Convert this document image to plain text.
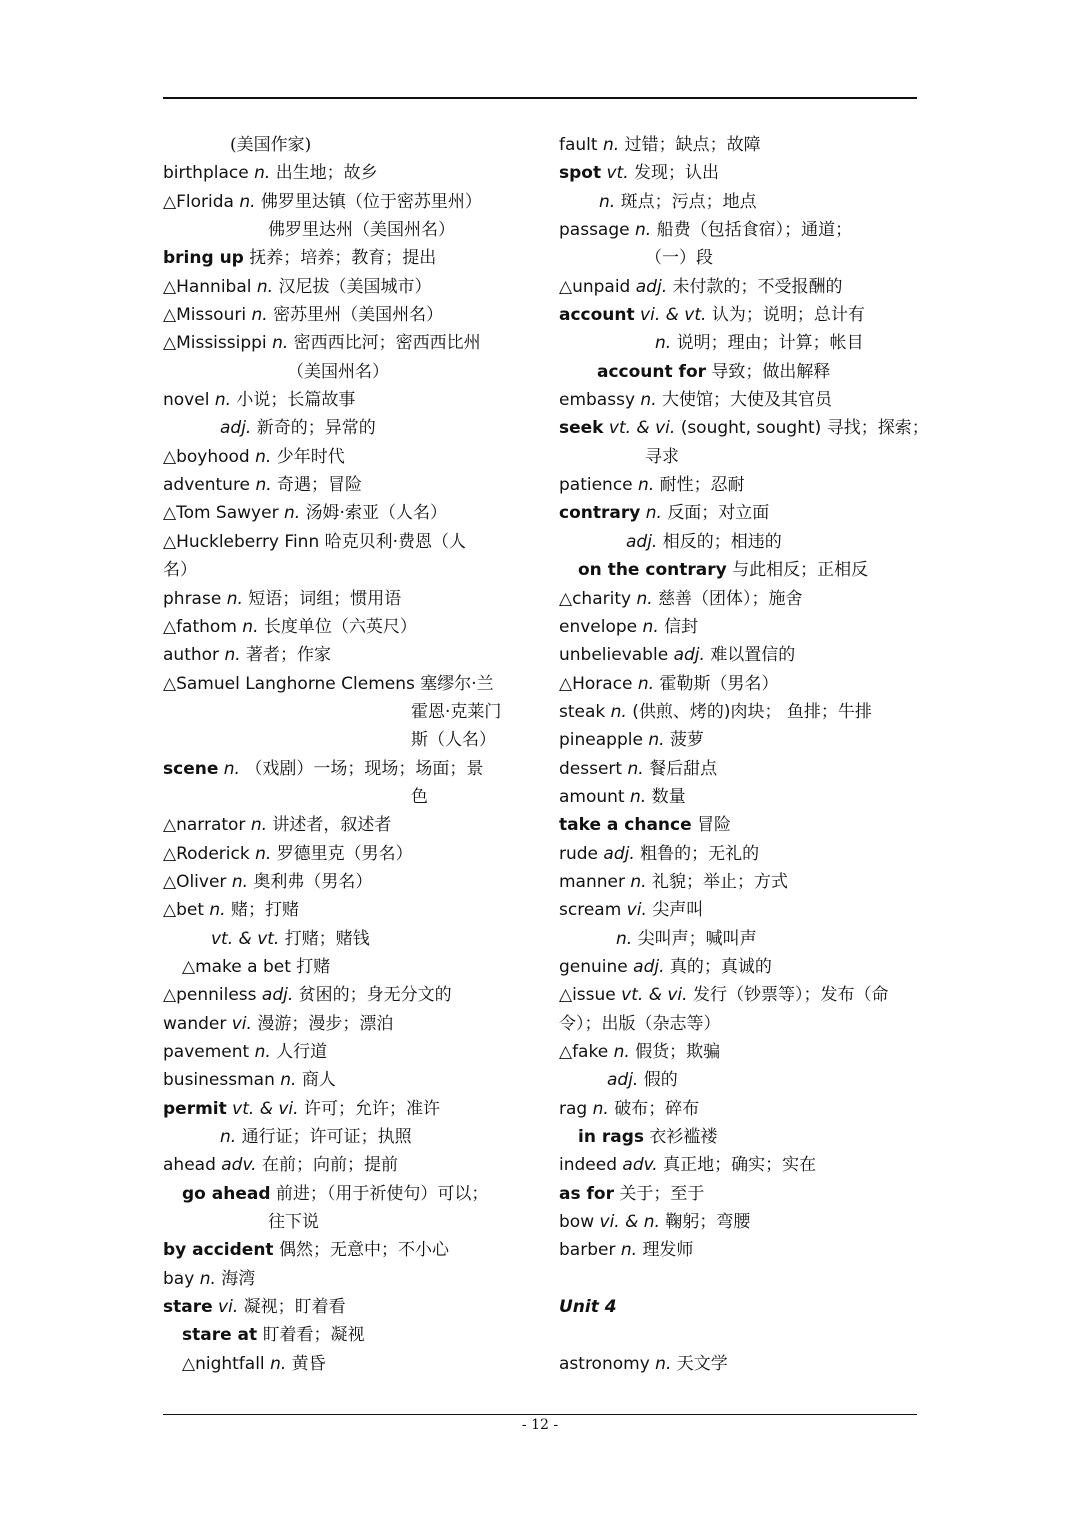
(美国作家)
birthplace n. 出生地；故乡
△Florida n. 佛罗里达镇（位于密苏里州）
佛罗里达州（美国州名）
bring up 抚养；培养；教育；提出
△Hannibal n. 汉尼拔（美国城市）
△Missouri n. 密苏里州（美国州名）
△Mississippi n. 密西西比河；密西西比州
（美国州名）
novel n. 小说；长篇故事
adj. 新奇的；异常的
△boyhood n. 少年时代
adventure n. 奇遇；冒险
△Tom Sawyer n. 汤姆·索亚（人名）
△Huckleberry Finn 哈克贝利·费恩（人
名）
phrase n. 短语；词组；惯用语
△fathom n. 长度单位（六英尺）
author n. 著者；作家
△Samuel Langhorne Clemens 塞缪尔·兰
霍恩·克莱门
斯（人名）
scene n. （戏剧）一场；现场；场面；景
色
△narrator n. 讲述者，叙述者
△Roderick n. 罗德里克（男名）
△Oliver n. 奥利弗（男名）
△bet n. 赌；打赌
vt. & vt. 打赌；赌钱
△make a bet 打赌
△penniless adj. 贫困的；身无分文的
wander vi. 漫游；漫步；漂泊
pavement n. 人行道
businessman n. 商人
permit vt. & vi. 许可；允许；准许
n. 通行证；许可证；执照
ahead adv. 在前；向前；提前
go ahead 前进；（用于祈使句）可以；
往下说
by accident 偶然；无意中；不小心
bay n. 海湾
stare vi. 凝视；盯着看
stare at 盯着看；凝视
△nightfall n. 黄昏
fault n. 过错；缺点；故障
spot vt. 发现；认出
n. 斑点；污点；地点
passage n. 船费（包括食宿）；通道；
（一）段
△unpaid adj. 未付款的；不受报酬的
account vi. & vt. 认为；说明；总计有
n. 说明；理由；计算；帐目
account for 导致；做出解释
embassy n. 大使馆；大使及其官员
seek vt. & vi. (sought, sought) 寻找；探索；
寻求
patience n. 耐性；忍耐
contrary n. 反面；对立面
adj. 相反的；相违的
on the contrary 与此相反；正相反
△charity n. 慈善（团体）；施舍
envelope n. 信封
unbelievable adj. 难以置信的
△Horace n. 霍勒斯（男名）
steak n. (供煎、烤的)肉块； 鱼排；牛排
pineapple n. 菠萝
dessert n. 餐后甜点
amount n. 数量
take a chance 冒险
rude adj. 粗鲁的；无礼的
manner n. 礼貌；举止；方式
scream vi. 尖声叫
n. 尖叫声；喊叫声
genuine adj. 真的；真诚的
△issue vt. & vi. 发行（钞票等）；发布（命
令）；出版（杂志等）
△fake n. 假货；欺骗
adj. 假的
rag n. 破布；碎布
in rags 衣衫褴褛
indeed adv. 真正地；确实；实在
as for 关于；至于
bow vi. & n. 鞠躬；弯腰
barber n. 理发师
Unit 4
astronomy n. 天文学
- 12 -
